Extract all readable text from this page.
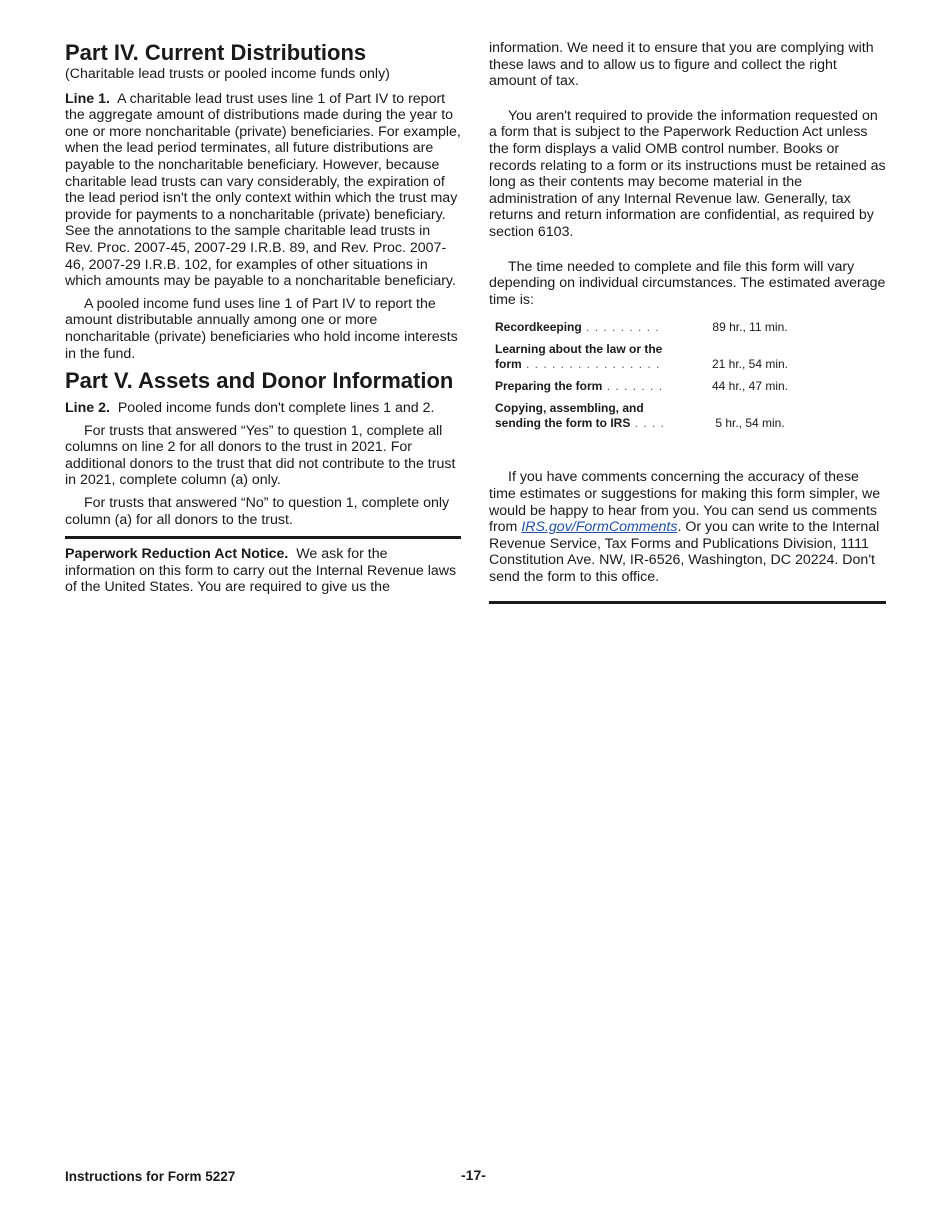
Part IV. Current Distributions

(Charitable lead trusts or pooled income funds only)

Line 1. A charitable lead trust uses line 1 of Part IV to report the aggregate amount of distributions made during the year to one or more noncharitable (private) beneficiaries. For example, when the lead period terminates, all future distributions are payable to the noncharitable beneficiary. However, because charitable lead trusts can vary considerably, the expiration of the lead period isn't the only context within which the trust may provide for payments to a noncharitable (private) beneficiary. See the annotations to the sample charitable lead trusts in Rev. Proc. 2007-45, 2007-29 I.R.B. 89, and Rev. Proc. 2007-46, 2007-29 I.R.B. 102, for examples of other situations in which amounts may be payable to a noncharitable beneficiary.

A pooled income fund uses line 1 of Part IV to report the amount distributable annually among one or more noncharitable (private) beneficiaries who hold income interests in the fund.

Part V. Assets and Donor Information

Line 2. Pooled income funds don't complete lines 1 and 2.

For trusts that answered “Yes” to question 1, complete all columns on line 2 for all donors to the trust in 2021. For additional donors to the trust that did not contribute to the trust in 2021, complete column (a) only.

For trusts that answered “No” to question 1, complete only column (a) for all donors to the trust.

Paperwork Reduction Act Notice. We ask for the information on this form to carry out the Internal Revenue laws of the United States. You are required to give us the

information. We need it to ensure that you are complying with these laws and to allow us to figure and collect the right amount of tax.

You aren't required to provide the information requested on a form that is subject to the Paperwork Reduction Act unless the form displays a valid OMB control number. Books or records relating to a form or its instructions must be retained as long as their contents may become material in the administration of any Internal Revenue law. Generally, tax returns and return information are confidential, as required by section 6103.

The time needed to complete and file this form will vary depending on individual circumstances. The estimated average time is:

Recordkeeping . . . . . . . . .	89 hr., 11 min.
Learning about the law or the
form . . . . . . . . . . . . . . . .	21 hr., 54 min.
Preparing the form . . . . . . .	44 hr., 47 min.
Copying, assembling, and
sending the form to IRS . . . .	5 hr., 54 min.

If you have comments concerning the accuracy of these time estimates or suggestions for making this form simpler, we would be happy to hear from you. You can send us comments from IRS.gov/FormComments. Or you can write to the Internal Revenue Service, Tax Forms and Publications Division, 1111 Constitution Ave. NW, IR-6526, Washington, DC 20224. Don't send the form to this office.

Instructions for Form 5227	-17-
